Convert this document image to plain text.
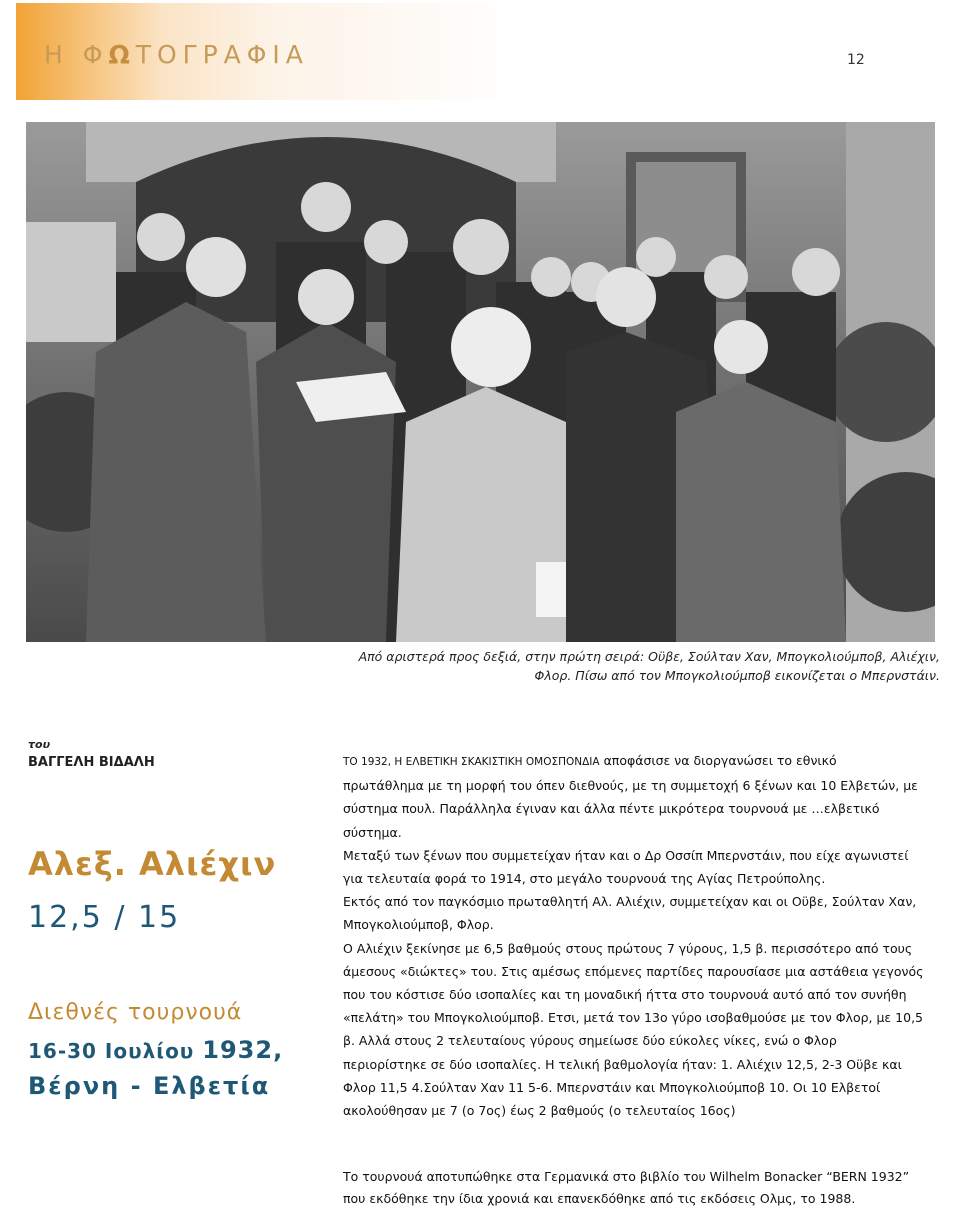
Η ΦΩΤΟΓΡΑΦΙΑ	12
Από αριστερά προς δεξιά, στην πρώτη σειρά: Οϋβε, Σούλταν Χαν, Μπογκολιούμποβ, Αλιέχιν,
Φλορ. Πίσω από τον Μπογκολιούμποβ εικονίζεται ο Μπερνστάιν.
του
ΒΑΓΓΕΛΗ ΒΙΔΑΛΗ
Αλεξ. Αλιέχιν
12,5 / 15
Διεθνές τουρνουά
16-30 Ιουλίου 1932,
Βέρνη - Ελβετία
ΤΟ 1932, Η ΕΛΒΕΤΙΚΗ ΣΚΑΚΙΣΤΙΚΗ ΟΜΟΣΠΟΝΔΙΑ αποφάσισε να διοργανώσει το εθνικό
πρωτάθλημα με τη μορφή του όπεν διεθνούς, με τη συμμετοχή 6 ξένων και 10 Ελβετών, με
σύστημα πουλ. Παράλληλα έγιναν και άλλα πέντε μικρότερα τουρνουά με …ελβετικό
σύστημα.
Μεταξύ των ξένων που συμμετείχαν ήταν και ο Δρ Οσσίπ Μπερνστάιν, που είχε αγωνιστεί
για τελευταία φορά το 1914, στο μεγάλο τουρνουά της Αγίας Πετρούπολης.
Εκτός από τον παγκόσμιο πρωταθλητή Αλ. Αλιέχιν, συμμετείχαν και οι Οϋβε, Σούλταν Χαν,
Μπογκολιούμποβ, Φλορ.
Ο Αλιέχιν ξεκίνησε με 6,5 βαθμούς στους πρώτους 7 γύρους, 1,5 β. περισσότερο από τους
άμεσους «διώκτες» του. Στις αμέσως επόμενες παρτίδες παρουσίασε μια αστάθεια γεγονός
που του κόστισε δύο ισοπαλίες και τη μοναδική ήττα στο τουρνουά αυτό από τον συνήθη
«πελάτη» του Μπογκολιούμποβ. Ετσι, μετά τον 13ο γύρο ισοβαθμούσε με τον Φλορ, με 10,5
β. Αλλά στους 2 τελευταίους γύρους σημείωσε δύο εύκολες νίκες, ενώ ο Φλορ
περιορίστηκε σε δύο ισοπαλίες. Η τελική βαθμολογία ήταν: 1. Αλιέχιν 12,5, 2-3 Οϋβε και
Φλορ 11,5 4.Σούλταν Χαν 11 5-6. Μπερνστάιν και Μπογκολιούμποβ 10. Οι 10 Ελβετοί
ακολούθησαν με 7 (ο 7ος) έως 2 βαθμούς (ο τελευταίος 16ος)
Το τουρνουά αποτυπώθηκε στα Γερμανικά στο βιβλίο του Wilhelm Bonacker “BERN 1932”
που εκδόθηκε την ίδια χρονιά και επανεκδόθηκε από τις εκδόσεις Ολμς, το 1988.
